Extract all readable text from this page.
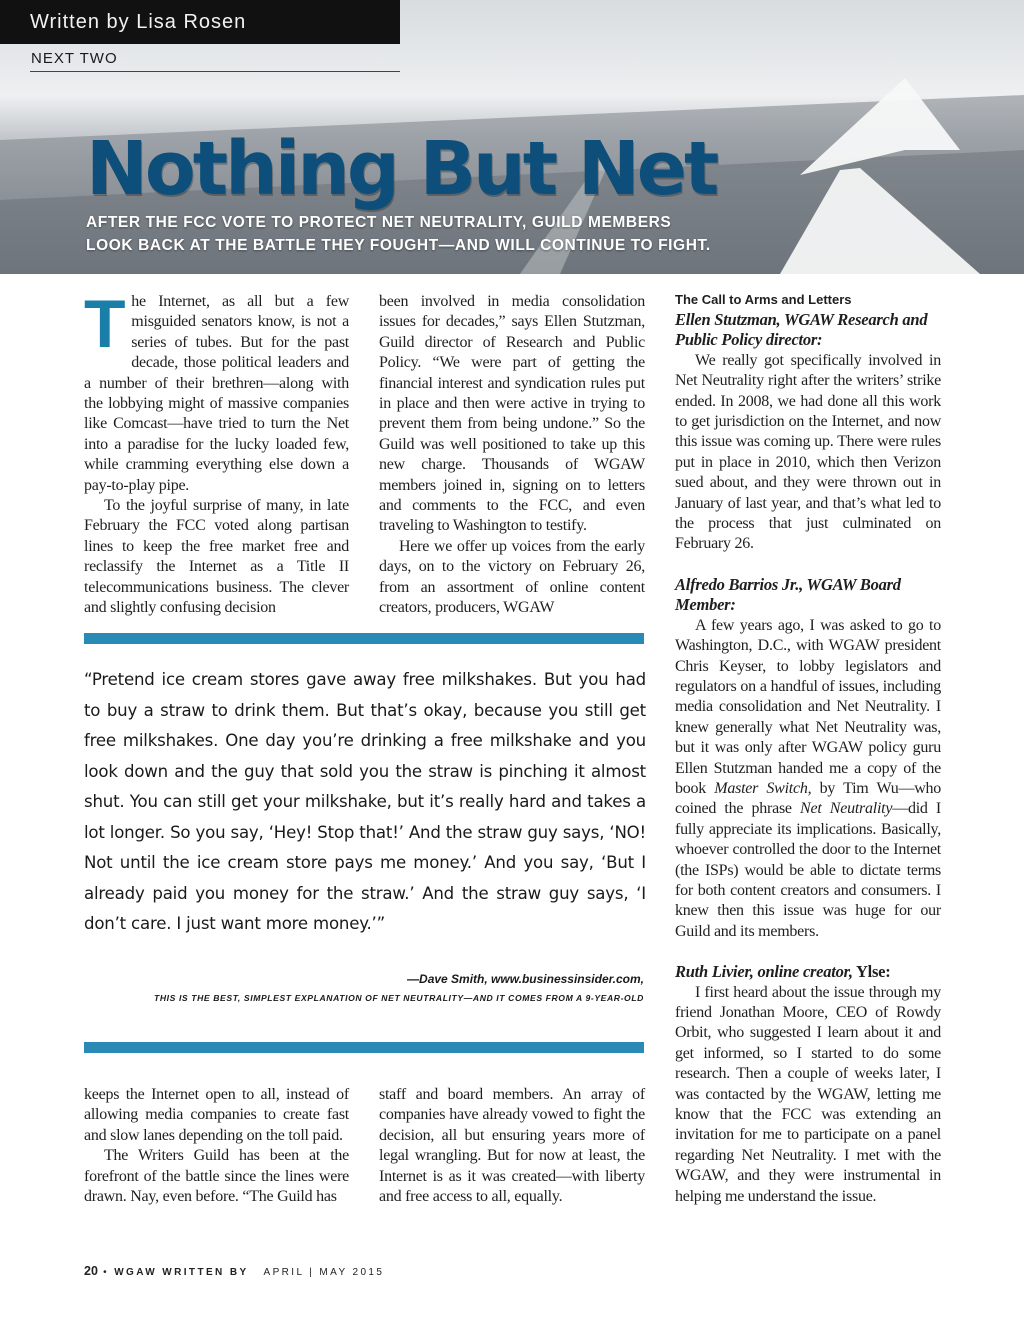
Written by Lisa Rosen
NEXT TWO
Nothing But Net
AFTER THE FCC VOTE TO PROTECT NET NEUTRALITY, GUILD MEMBERS
LOOK BACK AT THE BATTLE THEY FOUGHT—AND WILL CONTINUE TO FIGHT.

The Internet, as all but a few misguided senators know, is not a series of tubes. But for the past decade, those political leaders and a number of their brethren—along with the lobbying might of massive companies like Comcast—have tried to turn the Net into a paradise for the lucky loaded few, while cramming everything else down a pay-to-play pipe.

To the joyful surprise of many, in late February the FCC voted along partisan lines to keep the free market free and reclassify the Internet as a Title II telecommunications business. The clever and slightly confusing decision

been involved in media consolidation issues for decades,” says Ellen Stutzman, Guild director of Research and Public Policy. “We were part of getting the financial interest and syndication rules put in place and then were active in trying to prevent them from being undone.” So the Guild was well positioned to take up this new charge. Thousands of WGAW members joined in, signing on to letters and comments to the FCC, and even traveling to Washington to testify.

Here we offer up voices from the early days, on to the victory on February 26, from an assortment of online content creators, producers, WGAW

“Pretend ice cream stores gave away free milkshakes. But you had to buy a straw to drink them. But that’s okay, because you still get free milkshakes. One day you’re drinking a free milkshake and you look down and the guy that sold you the straw is pinching it almost shut. You can still get your milkshake, but it’s really hard and takes a lot longer. So you say, ‘Hey! Stop that!’ And the straw guy says, ‘NO! Not until the ice cream store pays me money.’ And you say, ‘But I already paid you money for the straw.’ And the straw guy says, ‘I don’t care. I just want more money.’”
—Dave Smith, www.businessinsider.com,
THIS IS THE BEST, SIMPLEST EXPLANATION OF NET NEUTRALITY—AND IT COMES FROM A 9-YEAR-OLD

keeps the Internet open to all, instead of allowing media companies to create fast and slow lanes depending on the toll paid.

The Writers Guild has been at the forefront of the battle since the lines were drawn. Nay, even before. “The Guild has

staff and board members. An array of companies have already vowed to fight the decision, all but ensuring years more of legal wrangling. But for now at least, the Internet is as it was created—with liberty and free access to all, equally.

The Call to Arms and Letters
Ellen Stutzman, WGAW Research and Public Policy director:

We really got specifically involved in Net Neutrality right after the writers’ strike ended. In 2008, we had done all this work to get jurisdiction on the Internet, and now this issue was coming up. There were rules put in place in 2010, which then Verizon sued about, and they were thrown out in January of last year, and that’s what led to the process that just culminated on February 26.

Alfredo Barrios Jr., WGAW Board Member:

A few years ago, I was asked to go to Washington, D.C., with WGAW president Chris Keyser, to lobby legislators and regulators on a handful of issues, including media consolidation and Net Neutrality. I knew generally what Net Neutrality was, but it was only after WGAW policy guru Ellen Stutzman handed me a copy of the book Master Switch, by Tim Wu—who coined the phrase Net Neutrality—did I fully appreciate its implications. Basically, whoever controlled the door to the Internet (the ISPs) would be able to dictate terms for both content creators and consumers. I knew then this issue was huge for our Guild and its members.

Ruth Livier, online creator, Ylse:

I first heard about the issue through my friend Jonathan Moore, CEO of Rowdy Orbit, who suggested I learn about it and get informed, so I started to do some research. Then a couple of weeks later, I was contacted by the WGAW, letting me know that the FCC was extending an invitation for me to participate on a panel regarding Net Neutrality. I met with the WGAW, and they were instrumental in helping me understand the issue.

20 • WGAW WRITTEN BY APRIL | MAY 2015
